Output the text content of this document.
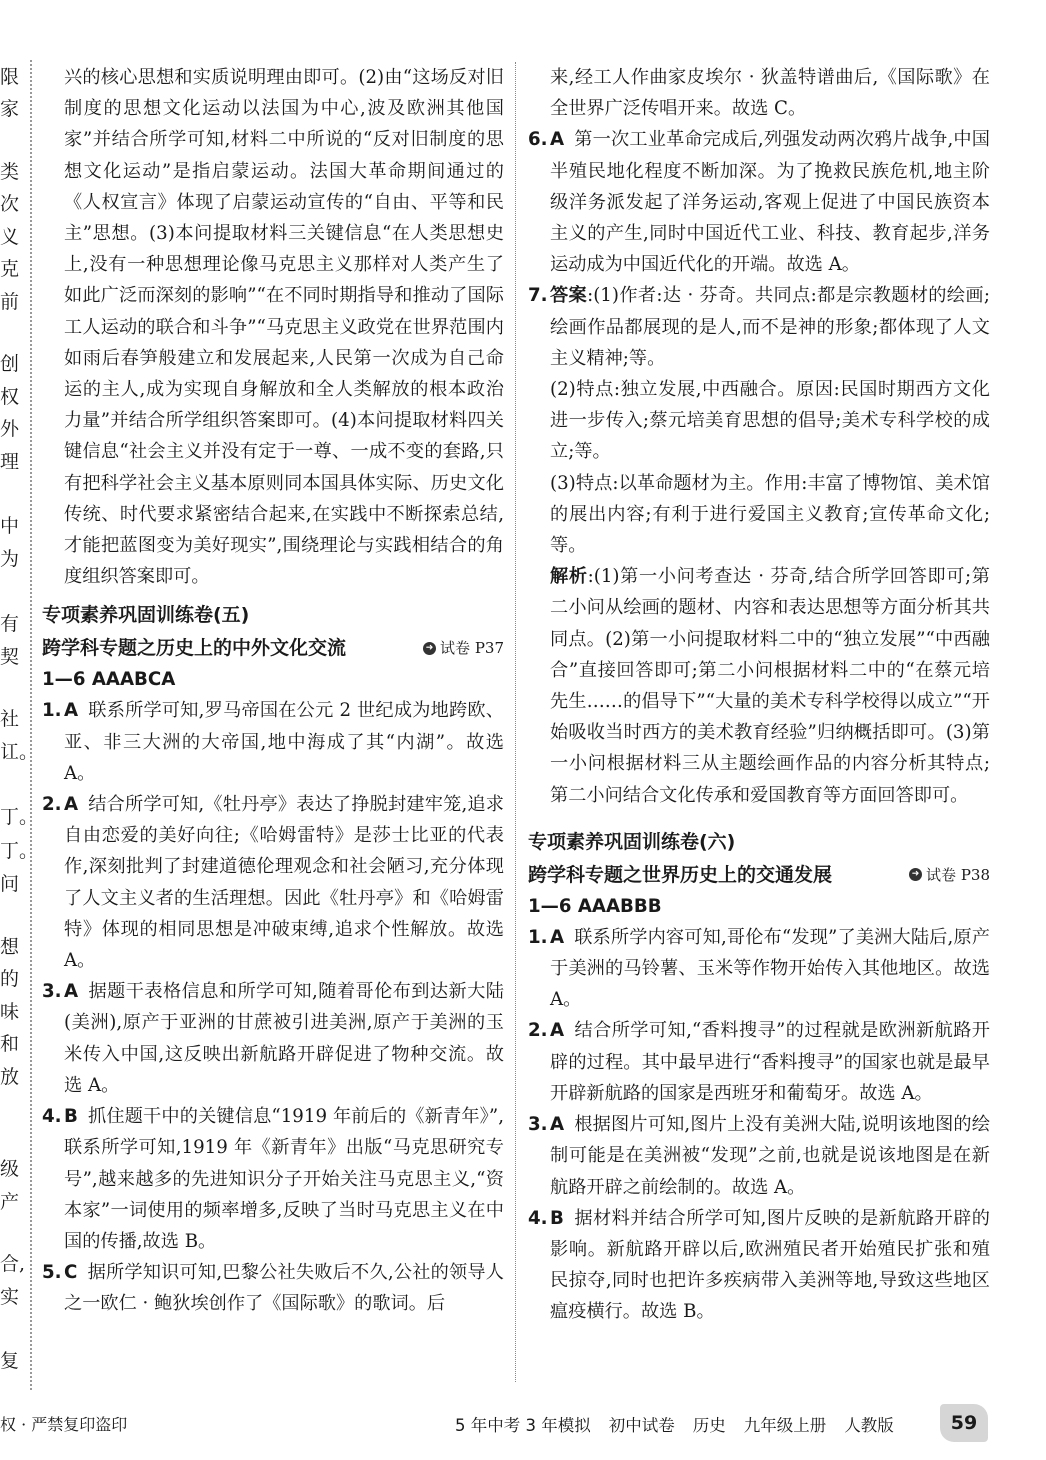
限
家
类
次
义
克
前
创
权
外
理
中
为
有
契
社
讧。
丁。
丁。
问
想
的
味
和
放
级
产
合,
实
复
兴的核心思想和实质说明理由即可。(2)由“这场反对旧制度的思想文化运动以法国为中心,波及欧洲其他国家”并结合所学可知,材料二中所说的“反对旧制度的思想文化运动”是指启蒙运动。法国大革命期间通过的《人权宣言》体现了启蒙运动宣传的“自由、平等和民主”思想。(3)本问提取材料三关键信息“在人类思想史上,没有一种思想理论像马克思主义那样对人类产生了如此广泛而深刻的影响”“在不同时期指导和推动了国际工人运动的联合和斗争”“马克思主义政党在世界范围内如雨后春笋般建立和发展起来,人民第一次成为自己命运的主人,成为实现自身解放和全人类解放的根本政治力量”并结合所学组织答案即可。(4)本问提取材料四关键信息“社会主义并没有定于一尊、一成不变的套路,只有把科学社会主义基本原则同本国具体实际、历史文化传统、时代要求紧密结合起来,在实践中不断探索总结,才能把蓝图变为美好现实”,围绕理论与实践相结合的角度组织答案即可。
专项素养巩固训练卷(五)
跨学科专题之历史上的中外文化交流	➜ 试卷 P37
1—6 AAABCA
1. A 联系所学可知,罗马帝国在公元 2 世纪成为地跨欧、亚、非三大洲的大帝国,地中海成了其“内湖”。故选 A。
2. A 结合所学可知,《牡丹亭》表达了挣脱封建牢笼,追求自由恋爱的美好向往;《哈姆雷特》是莎士比亚的代表作,深刻批判了封建道德伦理观念和社会陋习,充分体现了人文主义者的生活理想。因此《牡丹亭》和《哈姆雷特》体现的相同思想是冲破束缚,追求个性解放。故选 A。
3. A 据题干表格信息和所学可知,随着哥伦布到达新大陆(美洲),原产于亚洲的甘蔗被引进美洲,原产于美洲的玉米传入中国,这反映出新航路开辟促进了物种交流。故选 A。
4. B 抓住题干中的关键信息“1919 年前后的《新青年》”,联系所学可知,1919 年《新青年》出版“马克思研究专号”,越来越多的先进知识分子开始关注马克思主义,“资本家”一词使用的频率增多,反映了当时马克思主义在中国的传播,故选 B。
5. C 据所学知识可知,巴黎公社失败后不久,公社的领导人之一欧仁 · 鲍狄埃创作了《国际歌》的歌词。后
来,经工人作曲家皮埃尔 · 狄盖特谱曲后,《国际歌》在全世界广泛传唱开来。故选 C。
6. A 第一次工业革命完成后,列强发动两次鸦片战争,中国半殖民地化程度不断加深。为了挽救民族危机,地主阶级洋务派发起了洋务运动,客观上促进了中国民族资本主义的产生,同时中国近代工业、科技、教育起步,洋务运动成为中国近代化的开端。故选 A。
7. 答案:(1)作者:达 · 芬奇。共同点:都是宗教题材的绘画;绘画作品都展现的是人,而不是神的形象;都体现了人文主义精神;等。
(2)特点:独立发展,中西融合。原因:民国时期西方文化进一步传入;蔡元培美育思想的倡导;美术专科学校的成立;等。
(3)特点:以革命题材为主。作用:丰富了博物馆、美术馆的展出内容;有利于进行爱国主义教育;宣传革命文化;等。
解析:(1)第一小问考查达 · 芬奇,结合所学回答即可;第二小问从绘画的题材、内容和表达思想等方面分析其共同点。(2)第一小问提取材料二中的“独立发展”“中西融合”直接回答即可;第二小问根据材料二中的“在蔡元培先生……的倡导下”“大量的美术专科学校得以成立”“开始吸收当时西方的美术教育经验”归纳概括即可。(3)第一小问根据材料三从主题绘画作品的内容分析其特点;第二小问结合文化传承和爱国教育等方面回答即可。
专项素养巩固训练卷(六)
跨学科专题之世界历史上的交通发展	➜ 试卷 P38
1—6 AAABBB
1. A 联系所学内容可知,哥伦布“发现”了美洲大陆后,原产于美洲的马铃薯、玉米等作物开始传入其他地区。故选 A。
2. A 结合所学可知,“香料搜寻”的过程就是欧洲新航路开辟的过程。其中最早进行“香料搜寻”的国家也就是最早开辟新航路的国家是西班牙和葡萄牙。故选 A。
3. A 根据图片可知,图片上没有美洲大陆,说明该地图的绘制可能是在美洲被“发现”之前,也就是说该地图是在新航路开辟之前绘制的。故选 A。
4. B 据材料并结合所学可知,图片反映的是新航路开辟的影响。新航路开辟以后,欧洲殖民者开始殖民扩张和殖民掠夺,同时也把许多疾病带入美洲等地,导致这些地区瘟疫横行。故选 B。
权 · 严禁复印盗印	5 年中考 3 年模拟 初中试卷 历史 九年级上册 人教版	59
